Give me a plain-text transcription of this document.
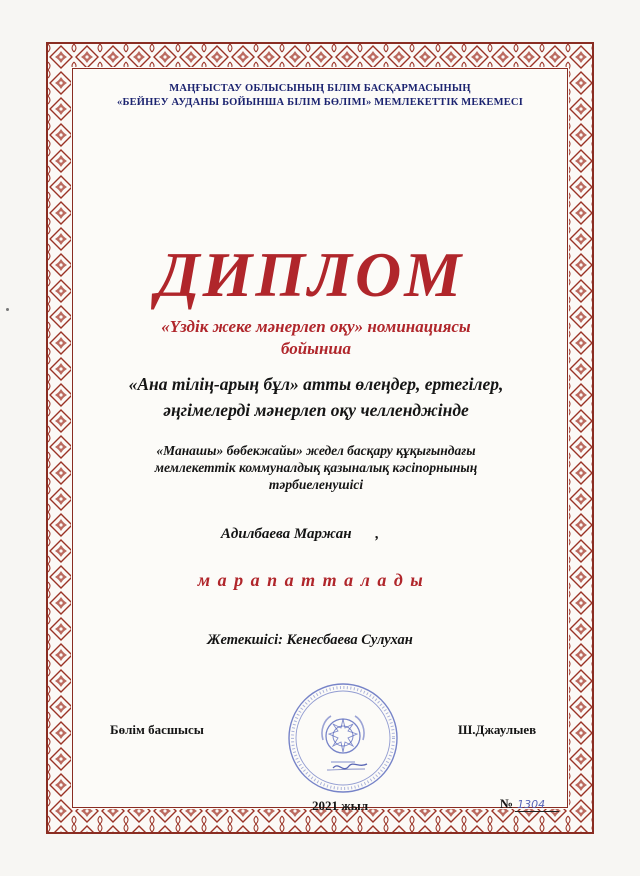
МАҢҒЫСТАУ ОБЛЫСЫНЫҢ БІЛІМ БАСҚАРМАСЫНЫҢ
«БЕЙНЕУ АУДАНЫ БОЙЫНША БІЛІМ БӨЛІМІ» МЕМЛЕКЕТТІК МЕКЕМЕСІ
ДИПЛОМ
«Үздік жеке мәнерлеп оқу» номинациясы
бойынша
«Ана тілің-арың бұл» атты өлеңдер, ертегілер,
әңгімелерді мәнерлеп оқу челленджінде
«Манашы» бөбекжайы» жедел басқару құқығындағы
мемлекеттік коммуналдық қазыналық кәсіпорнының
тәрбиеленушісі
Адилбаева Маржан ,
марапатталады
Жетекшісі: Кенесбаева Сулухан
Бөлім басшысы	Ш.Джаулыев
2021 жыл	№ 1304
